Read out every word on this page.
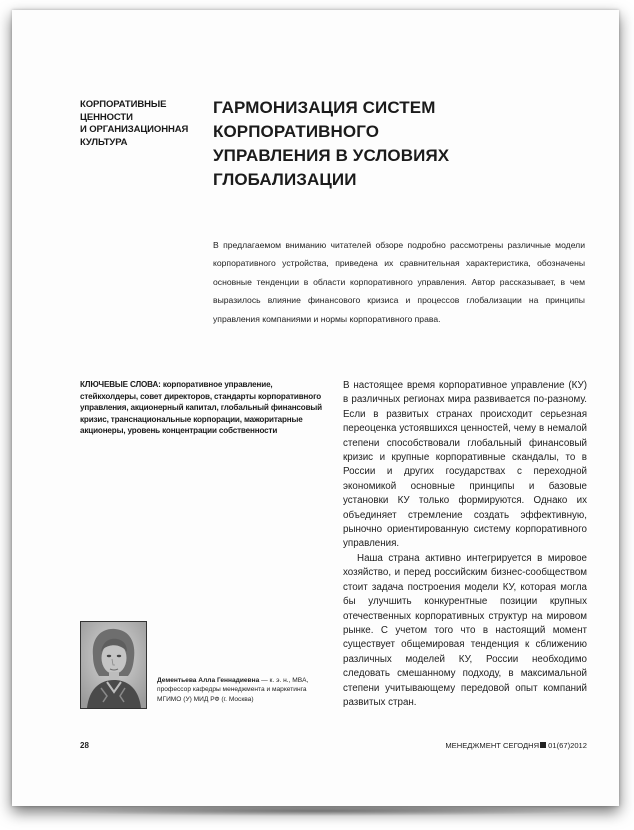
КОРПОРАТИВНЫЕ
ЦЕННОСТИ
И ОРГАНИЗАЦИОННАЯ
КУЛЬТУРА
ГАРМОНИЗАЦИЯ СИСТЕМ КОРПОРАТИВНОГО
УПРАВЛЕНИЯ В УСЛОВИЯХ ГЛОБАЛИЗАЦИИ
В предлагаемом вниманию читателей обзоре подробно рассмотрены различные модели корпоративного устройства, приведена их сравнительная характеристика, обозначены основные тенденции в области корпоративного управления. Автор рассказывает, в чем выразилось влияние финансового кризиса и процессов глобализации на принципы управления компаниями и нормы корпоративного права.
КЛЮЧЕВЫЕ СЛОВА: корпоративное управление, стейкхолдеры, совет директоров, стандарты корпоративного управления, акционерный капитал, глобальный финансовый кризис, транснациональные корпорации, мажоритарные акционеры, уровень концентрации собственности

В настоящее время корпоративное управление (КУ) в различных регионах мира развивается по-разному. Если в развитых странах происходит серьезная переоценка устоявшихся ценностей, чему в немалой степени способствовали глобальный финансовый кризис и крупные корпоративные скандалы, то в России и других государствах с переходной экономикой основные принципы и базовые установки КУ только формируются. Однако их объединяет стремление создать эффективную, рыночно ориентированную систему корпоративного управления.

Наша страна активно интегрируется в мировое хозяйство, и перед российским бизнес-сообществом стоит задача построения модели КУ, которая могла бы улучшить конкурентные позиции крупных отечественных корпоративных структур на мировом рынке. С учетом того что в настоящий момент существует общемировая тенденция к сближению различных моделей КУ, России необходимо следовать смешанному подходу, в максимальной степени учитывающему передовой опыт компаний развитых стран.

Дементьева Алла Геннадиевна — к. э. н., MBA, профессор кафедры менеджмента и маркетинга МГИМО (У) МИД РФ (г. Москва)
28	МЕНЕДЖМЕНТ СЕГОДНЯ 01(67)2012
